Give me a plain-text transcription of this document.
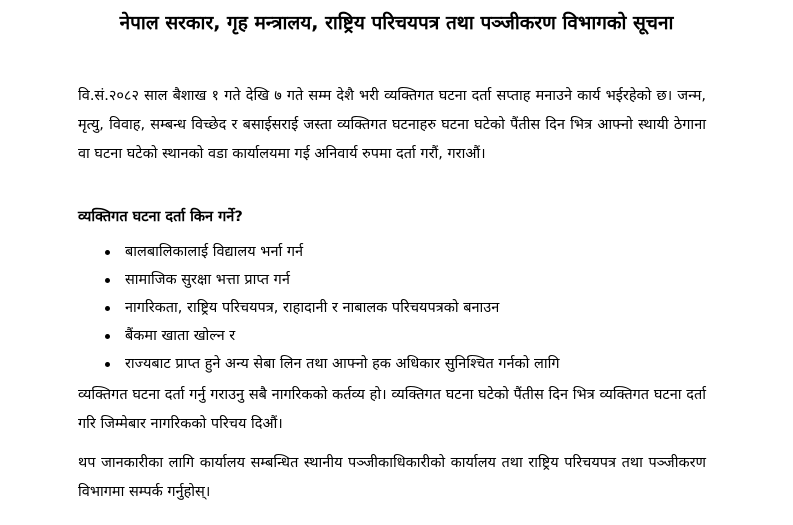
नेपाल सरकार, गृह मन्त्रालय, राष्ट्रिय परिचयपत्र तथा पञ्जीकरण विभागको सूचना

वि.सं.२०८२ साल बैशाख १ गते देखि ७ गते सम्म देशै भरी व्यक्तिगत घटना दर्ता सप्ताह मनाउने कार्य भईरहेको छ। जन्म, मृत्यु, विवाह, सम्बन्ध विच्छेद र बसाईसराई जस्ता व्यक्तिगत घटनाहरु घटना घटेको पैंतीस दिन भित्र आफ्नो स्थायी ठेगाना वा घटना घटेको स्थानको वडा कार्यालयमा गई अनिवार्य रुपमा दर्ता गरौं, गराऔं।

व्यक्तिगत घटना दर्ता किन गर्ने?

बालबालिकालाई विद्यालय भर्ना गर्न
सामाजिक सुरक्षा भत्ता प्राप्त गर्न
नागरिकता, राष्ट्रिय परिचयपत्र, राहादानी र नाबालक परिचयपत्रको बनाउन
बैंकमा खाता खोल्न र
राज्यबाट प्राप्त हुने अन्य सेबा लिन तथा आफ्नो हक अधिकार सुनिश्चित गर्नको लागि

व्यक्तिगत घटना दर्ता गर्नु गराउनु सबै नागरिकको कर्तव्य हो। व्यक्तिगत घटना घटेको पैंतीस दिन भित्र व्यक्तिगत घटना दर्ता गरि जिम्मेबार नागरिकको परिचय दिऔं।

थप जानकारीका लागि कार्यालय सम्बन्धित स्थानीय पञ्जीकाधिकारीको कार्यालय तथा राष्ट्रिय परिचयपत्र तथा पञ्जीकरण विभागमा सम्पर्क गर्नुहोस्।
